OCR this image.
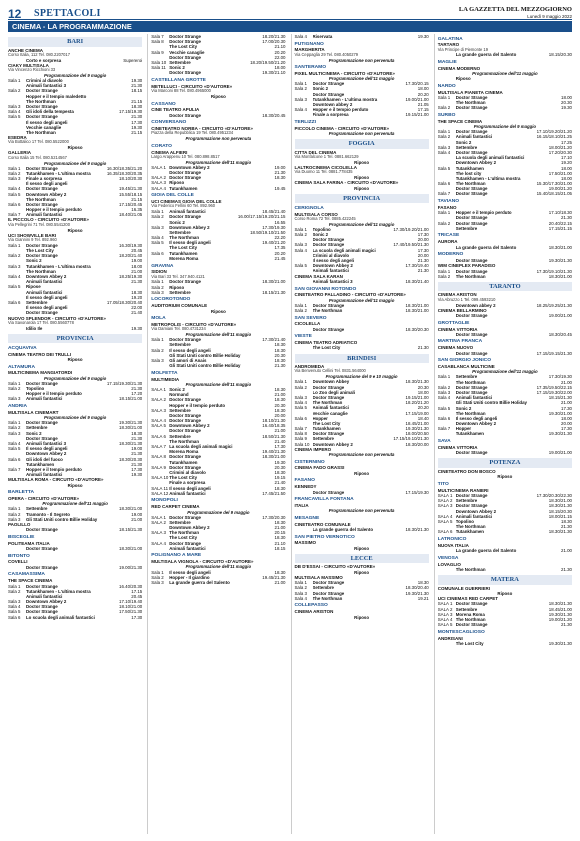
12 SPETTACOLI	LA GAZZETTA DEL MEZZOGIORNO
Lunedì 9 maggio 2022
CINEMA - LA PROGRAMMAZIONE
BARI
ANCHE CINEMA
Corso Italia, 112 Tel. 080.2207017
Corto e sorpresa	Supereroi
CIAKY MULTISALA
Via Vincenzo Ricchioni 33
Programmazione del 9 maggio
Sala 1	Crimini al diavolo	19.30
Animali fantastici 3	21.30
Sala 2	Doctor Strange	18.15
Hopper e il tempio maledetto
The Northman	21.15
Sala 3	Doctor Strange	18.30
Sala 4	Gli idoli della tempesta	17.15/19.30
Sala 5	Doctor Strange	21.30
Il sesso degli angeli	17.30
Vecchie canaglie	19.30
The Northman	21.15
ESEDRA
Via Bottalico 17 Tel. 080.5522000
Riposo
GALLERIA
Corso Italia 15 Tel. 080.5214567
Programmazione del 9 maggio
Sala 1	Doctor Strange	16.30/18.35/21.20
Sala 2	Tutankhamen - L'ultima mostra	16.35/18.30/20.35
Sala 3	Finale a sorpresa	18.10/20.30
Il sesso degli angeli
Sala 4	Doctor Strange	19.45/21.30
Sala 5	Downtown Abbey 2	15.55/18.15
The Northman	21.15
Sala 6	Doctor Strange	17.15/20.45
Hopper e il tempio perduto	16.35
Sala 7	Animali fantastici	18.40/21.05
IL PICCOLO - CIRCUITO «D'AUTORE»
Via Pellegrini 71 Tel. 080.5541200
Riposo
UCI SHOWVILLE BARI
Via Giannini 9 Tel. 892.960
Sala 1	Doctor Strange	16.30/19.30
The Lost City	20.45
Sala 2	Doctor Strange	18.20/21.40
Sonic 2	19.00
Sala 3	Tutankhamen - L'ultima mostra	18.00
The Northman	21.00
Sala 4	Downtown Abbey 2	18.25/19.30
Animali fantastici	21.30
Sala 5	Ripose
Animali fantastici	18.30
Il sesso degli angeli	19.20
Sala 6	Settembre	17.05/18.30/20.40
Il sesso degli angeli	22.00
Doctor Strange	21.40
NUOVO SPLENDOR - CIRCUITO «D'AUTORE»
Via Savonarola 17 Tel. 080.5560778
Idilio Ile	19.30
PROVINCIA
ACQUAVIVA
CINEMA TEATRO DEI TRULLI
Riposo
ALTAMURA
MULTICINEMA MANGIATORDI
Programmazione del 9 maggio
Sala 1	Doctor Strange	17.15/19.30/21.30
Sala 2	Topolino	21.30
Hopper e il tempio perduto	17.20
Sala 3	Animali fantastici	18.15/21.00
ANDRIA
MULTISALA CINEMART
Programmazione del 9 maggio
Sala 1	Doctor Strange	19.30/21.30
Sala 2	Settembre	18.30/21.00
Sala 3	Sonic 2	18.30
Doctor Strange	21.30
Sala 4	Animali fantastici 3	18.30/21.30
Sala 5	Il sesso degli angeli	19.00
Downtown Abbey 2	21.30
Sala 6	Gli idoli del fuoco	18.30/20.30
Tutankhamen	21.30
Sala 7	Hopper e il tempio perduto	17.30
Animali fantastici	19.30
MULTISALA ROMA - CIRCUITO «D'AUTORE»
Riposo
BARLETTA
OPERA - CIRCUITO «D'AUTORE»
Programmazione dell'11 maggio
Sala 1	Settembre	18.30/21.00
Sala 2	Tramonto - Il Segreto	19.00
Sala 3	Gli Stati Uniti contro Billie Holiday	21.00
PAOLILLO
Doctor Strange	18.15/21.30
BISCEGLIE
POLITEAMA ITALIA
Doctor Strange	18.30/21.00
BITONTO
COVELLI
Doctor Strange	19.00/21.30
CASAMASSIMA
THE SPACE CINEMA
Sala 1	Doctor Strange	16.40/20.30
Sala 2	Tutankhamen - L'ultima mostra	17.15
Animali fantastici	20.45
Sala 3	Downtown Abbey 2	17.10/19.40
Sala 4	Doctor Strange	18.10/21.00
Sala 5	Doctor Strange	17.50/21.30
Sala 6	Lo scuola degli animali fantastici	17.30
Sala 7	Doctor Strange	18.20/21.30
Sala 8	Doctor Strange	17.00/20.30
The Lost City	21.10
Sala 9	Vecchie canaglie	20.20
Doctor Strange	22.00
Sala 10 Settembre	18.20/19.50/21.20
Sala 11 Sonic 2	18.00
Doctor Strange	19.30/21.10
CASTELLANA GROTTE
METELLUCI - CIRCUITO «D'AUTORE»
Via Marconi 88 Tel. 080.4965000
Riposo
CASSANO
CINE TEATRO APULIA
Doctor Strange	18.30/20.45
CONVERSANO
CINETEATRO NORBA - CIRCUITO «D'AUTORE»
Piazza della Repubblica 19 Tel. 080.4951234
Programmazione non pervenuta
CORATO
CINEMA ALFIERI
Largo Arappenu 10 Tel. 080.898.8517
Programmazione dell'11 maggio
SALA 1 Downtown Abbey 2	19.00
Doctor Strange	21.30
SALA 2 Doctor Strange	18.30
SALA 3 Riposo
SALA 4 Tutankhamen	19.45
GIOIA DEL COLLE
UCI CINEMAS GIOIA DEL COLLE
Via Federico Fellini 60 Tel. 892.960
Sala 1	Animali fantastici	18.45/21.40
Sala 2	Doctor Strange	16.00/17.15/19.20/21.15
Sonic 2	16.55
Sala 3	Downtown Abbey 2	17.30/19.30
Settembre	18.50/19.10/21.50
Sala 4	The Northman	22.20
Sala 5	Il sesso degli angeli	19.40/21.20
The Lost City	17.35
Sala 6	Tutankhamen	20.20
Morena Roma	21.45
GRAVINA
SIDION
Via Bari 33 Tel. 347.940.4121
Sala 1	Doctor Strange	18.30/21.00
Sala 2	Riposo
Sala 3	Settembre	18.15/21.30
LOCOROTONDO
AUDITORIUM COMUNALE
Riposo
MOLA
METROPOLIS - CIRCUITO «D'AUTORE»
Via Damiani Tel. 080.4731234
Programmazione dell'11 maggio
Sala 1	Doctor Strange	17.30/21.40
Settembre	18.30
Sala 2	Il sesso degli angeli	18.30
Gli Stati Uniti contro Billie Holiday	20.30
Sala 3	Gli amori di Anais	18.30
Gli Stati Uniti contro Billie Holiday	21.30
MOLFETTA
MULTIMEDIA
Programmazione dell'11 maggio
SALA 1 Sonic 2	18.30
Normand	21.00
SALA 2 Doctor Strange	18.30
Hopper e il tempio perduto	20.30
SALA 3 Settembre	18.30
Doctor Strange	20.00
SALA 4 Doctor Strange	18.10/21.30
SALA 5 Downtown Abbey 2	16.40/18.35
Doctor Strange	21.00
SALA 6 Settembre	18.50/21.30
The Northman	21.40
SALA 7 La scuola degli animali magici	17.30
Morena Roma	19.40/21.30
SALA 8 Doctor Strange	18.30/21.00
Tutankhamen	19.30
SALA 9 Doctor Strange	20.30
Crimini al diavolo	18.30
SALA 10 The Lost City	19.15
Finale a sorpresa	21.40
SALA 11 Il sesso degli angeli	18.30
SALA 12 Animali fantastici	17.45/21.50
MONOPOLI
RED CARPET CINEMA
Programmazione del 9 maggio
SALA 1 Doctor Strange	17.30/20.30
SALA 2 Settembre	18.30
Downtown Abbey 2	21.00
SALA 3 The Northman	20.15
The Lost City	18.30
SALA 4 Doctor Strange	21.10
Animali fantastici	18.15
POLIGNANO A MARE
MULTISALA VIGNOLA - CIRCUITO «D'AUTORE»
Programmazione dell'11 maggio
Sala 1	Il sesso degli angeli	18.30
Sala 2	Hopper - Il giardino	19.45/21.30
Sala 3	La grande guerra del Salento	21.00
Sala 4	Riservata	19.30
PUTIGNANO
MARGHERITA
Via Ceppaglia 29 Tel. 080.4050279
Programmazione non pervenuta
SANTERAMO
PIXEL MULTICINEMA - CIRCUITO «D'AUTORE»
Programmazione dell'11 maggio
Sala 1	Doctor Strange	17.30/20.15
Sala 2	Sonic 2	18.00
Doctor Strange	20.20
Sala 3	Tutankhamen - L'ultima mostra	19.00/21.00
Downtown abbey 2	21.05
Sala 4	Hopper e il tempio perduto	17.15
Finale a sorpresa	19.15/21.00
TERLIZZI
PICCOLO CINEMA - CIRCUITO «D'AUTORE»
Programmazione non pervenuta
FOGGIA
CITTA DEL CINEMA
Via Monfalcone 1 Tel. 0881.662129
Riposo
LALTROCINEMA CICOLELLA
Via Duomo 11 Tel. 0881.778435
Riposo
CINEMA SALA FARINA - CIRCUITO «D'AUTORE»
Riposo
PROVINCIA
CERIGNOLA
MULTISALA CORSO
Corso Roma 72 Tel. 0885.422245
Programmazione dell'11 maggio
Sala 1	Topolino	17.30/19.20/21.00
Sala 2	Sonic 2	17.30
Doctor Strange	20.00
Sala 3	Doctor Strange	17.40/19.50/21.30
Sala 4	La scuola degli animali magici	17.30
Crimini al diavolo	20.00
Il sesso degli angeli	21.30
Sala 5	Downtown Abbey 2	17.30/19.40
Animali fantastici	21.30
CINEMA SALA KARAN
Animali fantastici 3	18.30/21.40
SAN GIOVANNI ROTONDO
CINETEATRO PALLADINO - CIRCUITO «D'AUTORE»
Programmazione dell'11 maggio
Sala 1	Doctor Strange	18.30/21.00
Sala 2	The Northman	18.30/21.00
SAN SEVERO
CICOLELLA
Doctor Strange	18.30/20.30
VIESTE
CINEMA TEATRO ADRIATICO
The Lost City	21.30
BRINDISI
ANDROMEDA
Via Benvenuto Cellini Tel. 0831.564000
Programmazione del 9 e 10 maggio
Sala 1	Downtown Abbey	18.30/21.30
Sala 2	Doctor Strange	20.30
Lo Zoo degli animali	18.00
Sala 3	Doctor Strange	19.15/21.00
Sala 4	The Northman	18.20/21.20
Sala 5	Animali fantastici	20.20
Vecchie canaglie	17.15/19.00
Sala 6	Hopper	18.40
The Lost City	18.45/21.00
Sala 7	Tutankhamen	19.30/21.30
Sala 8	Doctor Strange	18.00/20.50
Sala 9	Settembre	17.15/19.10/21.30
Sala 10 Downtown Abbey 2	18.30/20.00
CINEMA IMPERO
Programmazione non pervenuta
CISTERNINO
CINEMA FADO GRASSI
Riposo
FASANO
KENNEDY
Doctor Strange	17.15/19.30
FRANCAVILLA FONTANA
ITALIA
Programmazione non pervenuta
MESAGNE
CINETEATRO COMUNALE
La grande guerra del Salento	18.30/21.30
SAN PIETRO VERNOTICO
MASSIMO
Riposo
LECCE
DB D'ESSAI - CIRCUITO «D'AUTORE»
Riposo
MULTISALA MASSIMO
Sala 1	Doctor Strange	18.30
Sala 2	Settembre	18.30/20.40
Sala 3	Doctor Strange	19.30/21.30
Sala 4	The Northman	19.21
COLLEPASSO
CINEMA ARISTON
Riposo
GALATINA
TARTARO
Via Principe di Piemonte 19
La grande guerra del Salento	18.15/20.30
MAGLIE
CINEMA MODERNO
Programmazione dell'11 maggio
Riposo
NARDO
MULTISALA PIANETA CINEMA
Sala 1	Doctor Strange	18.00
The Northman	20.30
Sala 2	Doctor Strange	19.30
SURBO
THE SPACE CINEMA
Programmazione del 9 maggio
Sala 1	Doctor Strange	17.10/19.20/21.20
Sala 2	Animali fantastici	16.15/18.10/21.25
Sonic 2	17.25
Sala 3	Settembre	18.00/21.20
Sala 4	Doctor Strange	17.20/20.30
La scuola degli animali fantastici	17.10
Downtown Abbey 2	19.20
Sala 5	Tutankhamen	18.00
The lost city	17.50/21.00
Tutankhamen - L'ultima mostra	18.00
Sala 6	The Northman	15.30/17.30/21.00
Doctor Strange	19.00/21.20
Sala 7	Doctor Strange	15.40/18.15/21.05
TAVIANO
FASANO
Sala 1	Hopper e il tempio perduto	17.10/18.30
Doctor Strange	21.30
Sala 2	Doctor Strange	20.40/22.15
Settembre	17.15/21.15
TRICASE
AURORA
La grande guerra del Salento	18.30/21.00
MODERNO
Doctor Strange	19.30/21.30
WIM CINEPLEX PARADISO
Sala 1	Doctor Strange	17.30/19.10/21.30
Sala 2	The Northman	18.30/21.00
TARANTO
CINEMA ARISTON
Via Abruzzo 1 Tel. 099.4593210
Downtown abbey 2	18.25/19.25/21.30
CINEMA BELLARMINO
Doctor Strange	19.00/21.00
GROTTAGLIE
CINEMA VITTORIA
Doctor Strange	18.30/20.45
MARTINA FRANCA
CINEMA NUOVO
Doctor Strange	17.15/19.15/21.30
SAN GIORGIO JONICO
CASABLANCA MULTICINE
Programmazione dell'11 maggio
Sala 1	Settembre	17.30/19.30
The Northman	21.00
Sala 2	Doctor Strange	17.35/19.50/22.15
Sala 3	Doctor Strange	17.15/19.30/22.00
Sala 4	Animali fantastici	18.15/21.30
Gli Stati Uniti contro Billie Holiday	21.00
Sala 5	Sonic 2	17.30
The Northman	19.30/21.00
Sala 6	Il sesso degli angeli	18.00
Downtown Abbey 2	20.00
Sala 7	Hopper	17.30
Tutankhamen	19.30/21.30
SAVA
CINEMA VITTORIA
Doctor Strange	19.00/21.00
POTENZA
CINETEATRO DON BOSCO
Riposo
TITO
MULTICINEMA RANIERI
SALA 1 Doctor Strange	17.30/20.30/22.30
SALA 2 Settembre	18.30/21.00
SALA 3 Doctor Strange	18.30/21.30
Downtown Abbey 2	18.15/20.30
SALA 4 Animali fantastici	18.00/21.15
SALA 5 Topolino	18.30
The Northman	21.30
SALA 6 Tutankhamen	18.30/21.30
LATRONICO
NUOVA ITALIA
La grande guerra del Salento	21.00
VENOSA
LOVAGLIO
The Northman	21.30
MATERA
COMUNALE GUERRIERI
Riposo
UCI CINEMAS RED CARPET
SALA 1 Doctor Strange	18.30/21.30
SALA 2 Settembre	18.45/21.00
SALA 3 Morena Roma	19.30/21.30
SALA 4 The Northman	19.00/21.20
SALA 5 Doctor Strange	21.30
MONTESCAGLIOSO
ANDRISANI
The Lost City	19.30/21.30
